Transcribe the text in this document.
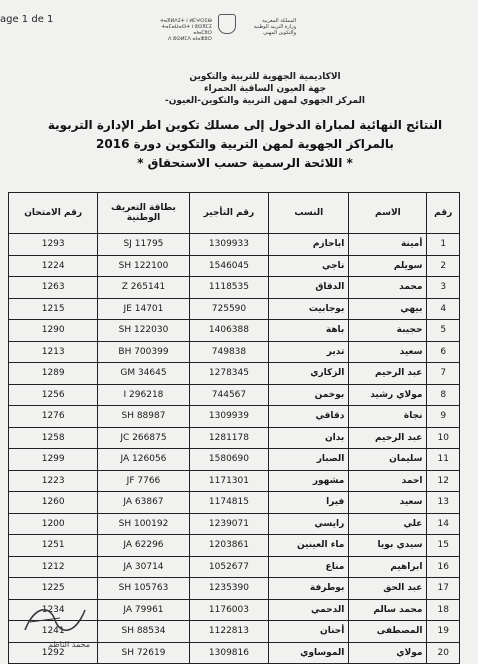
age 1 de 1	ⵜⴰⴳⵍⴷⵉⵜ ⵏ ⵍⵎⵖⵔⵉⴱ
ⵜⴰⵎⴰⵡⴰⵙⵜ ⵏ ⵓⵙⴳⵎⵉ ⴰⵏⴰⵎⵓⵔ
ⴷ ⵓⵙⵍⵎⴷ ⴰⵏⴰⵣⵓⵔ
المملكة المغربية
وزارة التربية الوطنية
والتكوين المهني
الاكاديمية الجهوية للتربية والتكوين
جهة العيون الساقية الحمراء
المركز الجهوي لمهن التربية والتكوين-العيون-
النتائج النهائية لمباراة الدخول إلى مسلك تكوين اطر الإدارة التربوية
بالمراكز الجهوية لمهن التربية والتكوين دورة 2016
* اللائحة الرسمية حسب الاستحقاق *
رقم	الاسم	النسب	رقم التأجير	بطاقة التعريف الوطنية	رقم الامتحان
1	أمينة	اباحازم	1309933	SJ 11795	1293
2	سويلم	ناجي	1546045	SH 122100	1224
3	محمد	الدقاق	1118535	Z 265141	1263
4	بيهي	بوجابيت	725590	JE 14701	1215
5	حجيبة	باهة	1406388	SH 122030	1290
6	سعيد	تدير	749838	BH 700399	1213
7	عبد الرحيم	الزكاري	1278345	GM 34645	1289
8	مولاي رشيد	بوخمن	744567	I 296218	1256
9	نجاة	دقاقي	1309939	SH 88987	1276
10	عبد الرحيم	بدان	1281178	JC 266875	1258
11	سليمان	الصبار	1580690	JA 126056	1299
12	احمد	مشهور	1171301	JF 7766	1223
13	سعيد	فيرا	1174815	JA 63867	1260
14	علي	رايسي	1239071	SH 100192	1200
15	سيدي بويا	ماء العينين	1203861	JA 62296	1251
16	ابراهيم	مناع	1052677	JA 30714	1212
17	عبد الحق	بوطرفة	1235390	SH 105763	1225
18	محمد سالم	الدحمي	1176003	JA 79961	1234
19	المصطفى	أحنان	1122813	SH 88534	1241
20	مولاي	الموساوي	1309816	SH 72619	1292
محمد الناظم
